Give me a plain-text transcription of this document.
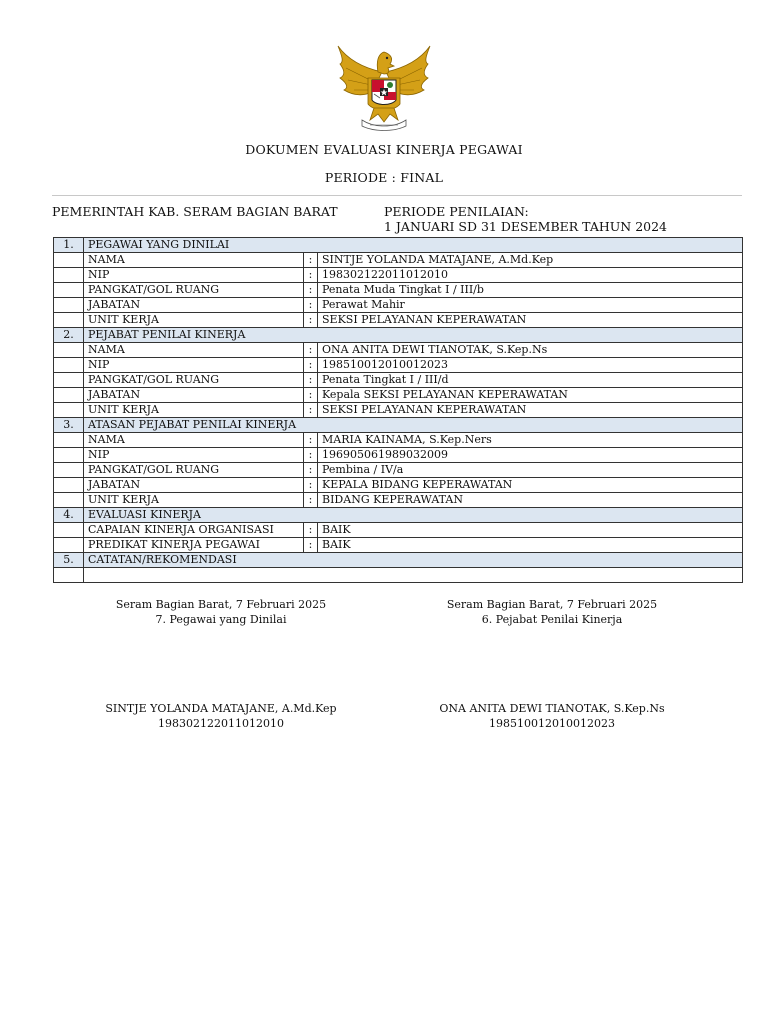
DOKUMEN EVALUASI KINERJA PEGAWAI
PERIODE : FINAL
PEMERINTAH KAB. SERAM BAGIAN BARAT	PERIODE PENILAIAN:
1 JANUARI SD 31 DESEMBER TAHUN 2024
1.	PEGAWAI YANG DINILAI		
	NAMA	:	SINTJE YOLANDA MATAJANE, A.Md.Kep
	NIP	:	198302122011012010
	PANGKAT/GOL RUANG	:	Penata Muda Tingkat I / III/b
	JABATAN	:	Perawat Mahir
	UNIT KERJA	:	SEKSI PELAYANAN KEPERAWATAN
2.	PEJABAT PENILAI KINERJA		
	NAMA	:	ONA ANITA DEWI TIANOTAK, S.Kep.Ns
	NIP	:	198510012010012023
	PANGKAT/GOL RUANG	:	Penata Tingkat I / III/d
	JABATAN	:	Kepala SEKSI PELAYANAN KEPERAWATAN
	UNIT KERJA	:	SEKSI PELAYANAN KEPERAWATAN
3.	ATASAN PEJABAT PENILAI KINERJA		
	NAMA	:	MARIA KAINAMA, S.Kep.Ners
	NIP	:	196905061989032009
	PANGKAT/GOL RUANG	:	Pembina / IV/a
	JABATAN	:	KEPALA BIDANG KEPERAWATAN
	UNIT KERJA	:	BIDANG KEPERAWATAN
4.	EVALUASI KINERJA		
	CAPAIAN KINERJA ORGANISASI	:	BAIK
	PREDIKAT KINERJA PEGAWAI	:	BAIK
5.	CATATAN/REKOMENDASI		

Seram Bagian Barat, 7 Februari 2025
7. Pegawai yang Dinilai
Seram Bagian Barat, 7 Februari 2025
6. Pejabat Penilai Kinerja
SINTJE YOLANDA MATAJANE, A.Md.Kep
198302122011012010
ONA ANITA DEWI TIANOTAK, S.Kep.Ns
198510012010012023
